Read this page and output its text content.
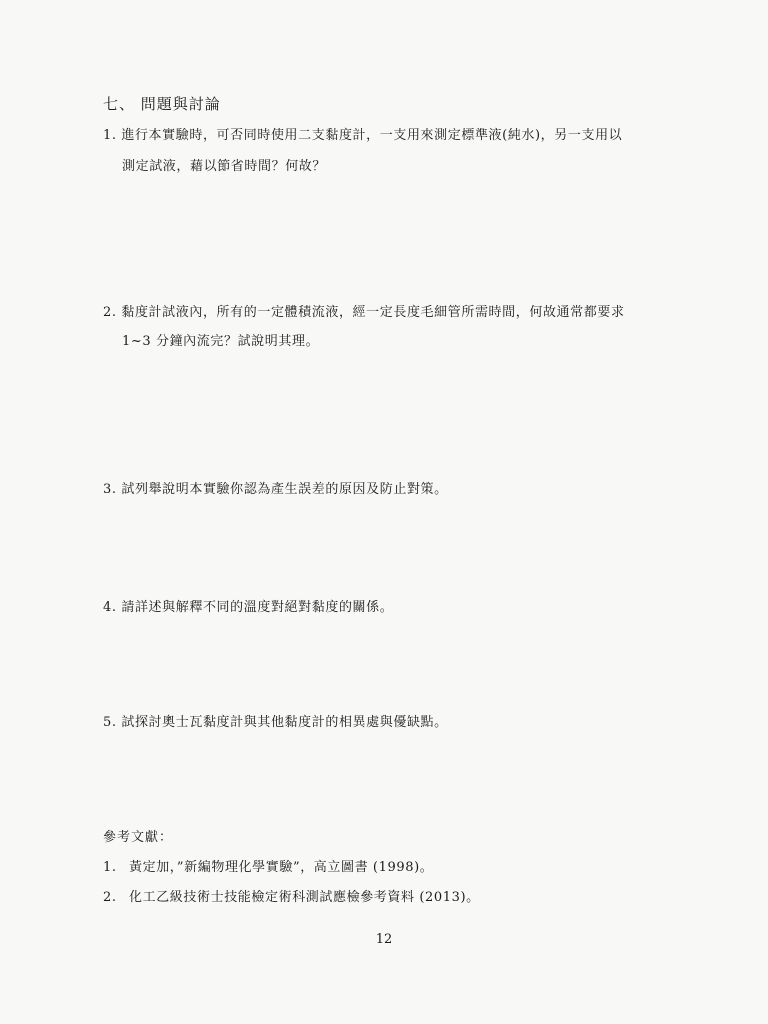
七、 問題與討論
1. 進行本實驗時，可否同時使用二支黏度計，一支用來測定標準液(純水)，另一支用以
測定試液，藉以節省時間？何故？
2. 黏度計試液內，所有的一定體積流液，經一定長度毛細管所需時間，何故通常都要求
1~3 分鐘內流完？試說明其理。
3. 試列舉說明本實驗你認為產生誤差的原因及防止對策。
4. 請詳述與解釋不同的溫度對絕對黏度的關係。
5. 試探討奧士瓦黏度計與其他黏度計的相異處與優缺點。
參考文獻：
1. 黃定加，”新編物理化學實驗”，高立圖書 (1998)。
2. 化工乙級技術士技能檢定術科測試應檢參考資料 (2013)。
12
